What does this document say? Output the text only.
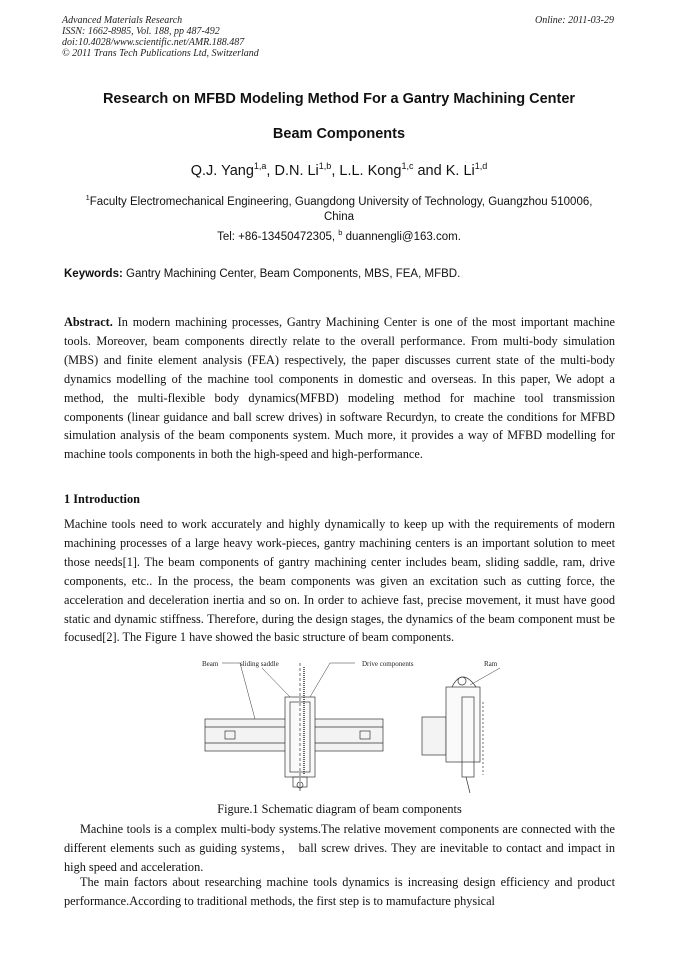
Advanced Materials Research
ISSN: 1662-8985, Vol. 188, pp 487-492
doi:10.4028/www.scientific.net/AMR.188.487
© 2011 Trans Tech Publications Ltd, Switzerland
Online: 2011-03-29
Research on MFBD Modeling Method For a Gantry Machining Center
Beam Components
Q.J. Yang$^{1,a}$, D.N. Li$^{1,b}$, L.L. Kong$^{1,c}$ and K. Li$^{1,d}$
$^1$Faculty Electromechanical Engineering, Guangdong University of Technology, Guangzhou 510006,
China
Tel: +86-13450472305, $^b$ duannengli@163.com.
Keywords: Gantry Machining Center, Beam Components, MBS, FEA, MFBD.
Abstract. In modern machining processes, Gantry Machining Center is one of the most important machine tools. Moreover, beam components directly relate to the overall performance. From multi-body simulation (MBS) and finite element analysis (FEA) respectively, the paper discusses current state of the multi-body dynamics modelling of the machine tool components in domestic and overseas. In this paper, We adopt a method, the multi-flexible body dynamics(MFBD) modeling method for machine tool transmission components (linear guidance and ball screw drives) in software Recurdyn, to create the conditions for MFBD simulation analysis of the beam components system. Much more, it provides a way of MFBD modelling for machine tools components in both the high-speed and high-performance.
1 Introduction
Machine tools need to work accurately and highly dynamically to keep up with the requirements of modern machining processes of a large heavy work-pieces, gantry machining centers is an important solution to meet those needs[1]. The beam components of gantry machining center includes beam, sliding saddle, ram, drive components, etc.. In the process, the beam components was given an excitation such as cutting force, the acceleration and deceleration inertia and so on. In order to achieve fast, precise movement, it must have good static and dynamic stiffness. Therefore, during the design stages, the dynamics of the beam component must be focused[2]. The Figure 1 have showed the basic structure of beam components.
Beam	sliding saddle	Drive components	Ram
Figure.1 Schematic diagram of beam components
Machine tools is a complex multi-body systems.The relative movement components are connected with the different elements such as guiding systems， ball screw drives. They are inevitable to contact and impact in high speed and acceleration.
The main factors about researching machine tools dynamics is increasing design efficiency and product performance.According to traditional methods, the first step is to mamufacture physical
